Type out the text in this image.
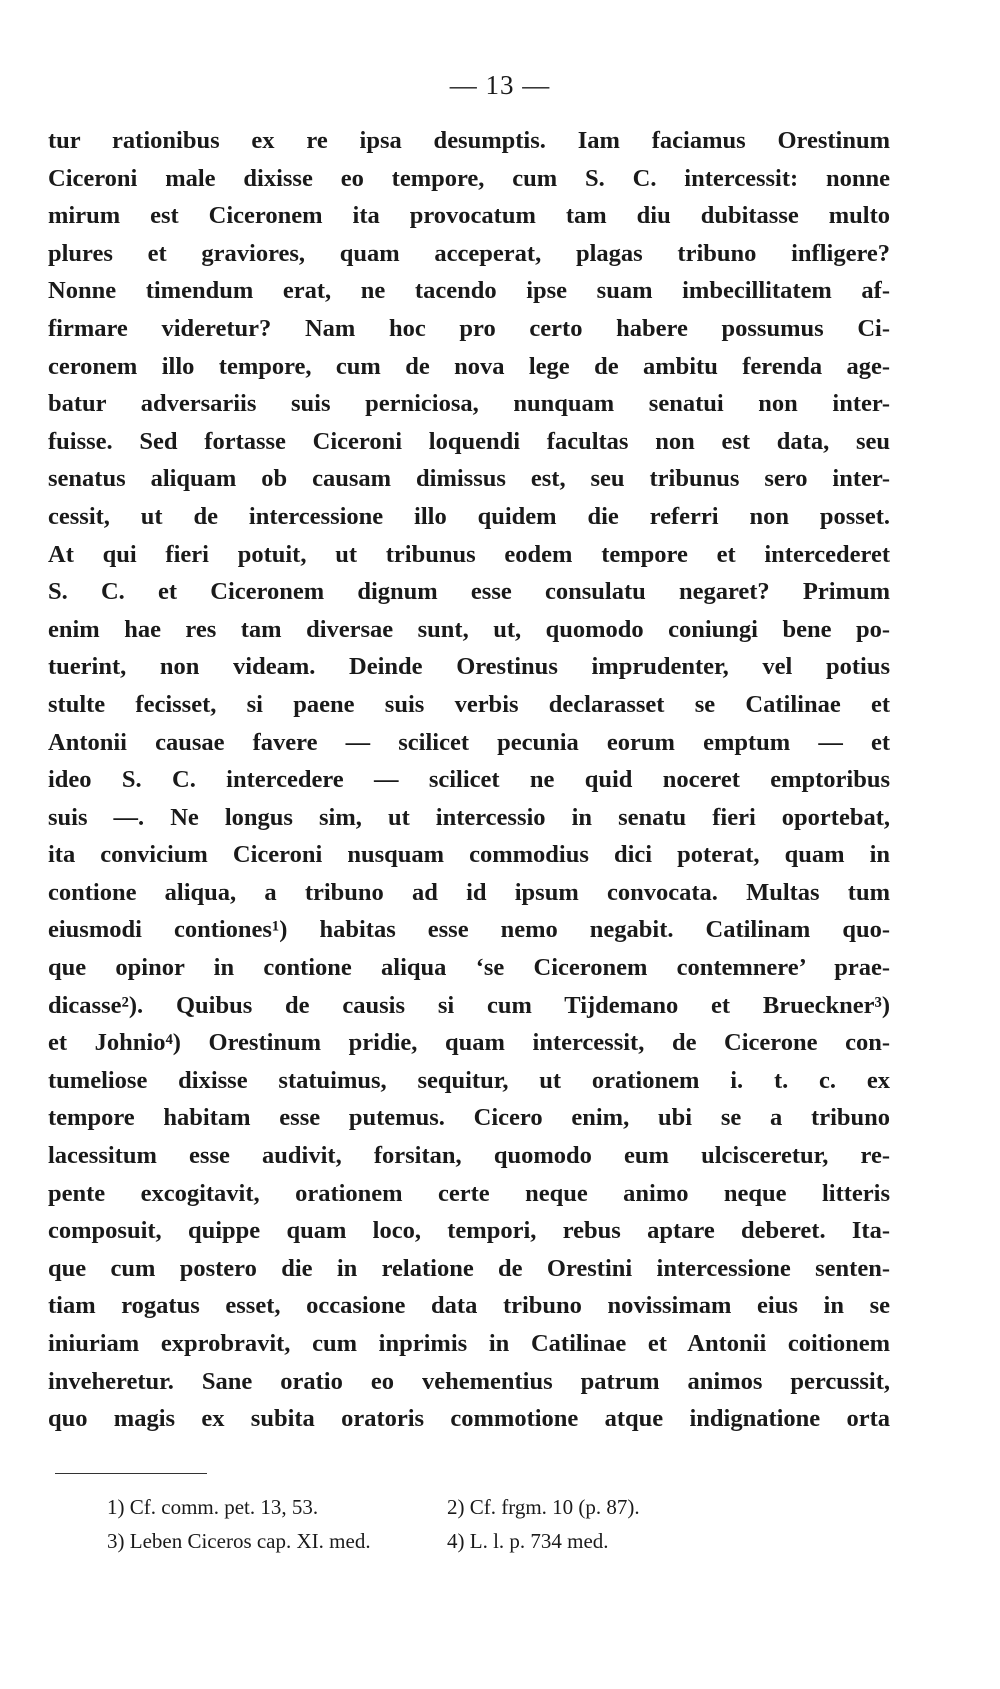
— 13 —
tur rationibus ex re ipsa desumptis. Iam faciamus Orestinum
Ciceroni male dixisse eo tempore, cum S. C. intercessit: nonne
mirum est Ciceronem ita provocatum tam diu dubitasse multo
plures et graviores, quam acceperat, plagas tribuno infligere?
Nonne timendum erat, ne tacendo ipse suam imbecillitatem af-
firmare videretur? Nam hoc pro certo habere possumus Ci-
ceronem illo tempore, cum de nova lege de ambitu ferenda age-
batur adversariis suis perniciosa, nunquam senatui non inter-
fuisse. Sed fortasse Ciceroni loquendi facultas non est data, seu
senatus aliquam ob causam dimissus est, seu tribunus sero inter-
cessit, ut de intercessione illo quidem die referri non posset.
At qui fieri potuit, ut tribunus eodem tempore et intercederet
S. C. et Ciceronem dignum esse consulatu negaret? Primum
enim hae res tam diversae sunt, ut, quomodo coniungi bene po-
tuerint, non videam. Deinde Orestinus imprudenter, vel potius
stulte fecisset, si paene suis verbis declarasset se Catilinae et
Antonii causae favere — scilicet pecunia eorum emptum — et
ideo S. C. intercedere — scilicet ne quid noceret emptoribus
suis —. Ne longus sim, ut intercessio in senatu fieri oportebat,
ita convicium Ciceroni nusquam commodius dici poterat, quam in
contione aliqua, a tribuno ad id ipsum convocata. Multas tum
eiusmodi contiones¹) habitas esse nemo negabit. Catilinam quo-
que opinor in contione aliqua ‘se Ciceronem contemnere’ prae-
dicasse²). Quibus de causis si cum Tijdemano et Brueckner³)
et Johnio⁴) Orestinum pridie, quam intercessit, de Cicerone con-
tumeliose dixisse statuimus, sequitur, ut orationem i. t. c. ex
tempore habitam esse putemus. Cicero enim, ubi se a tribuno
lacessitum esse audivit, forsitan, quomodo eum ulcisceretur, re-
pente excogitavit, orationem certe neque animo neque litteris
composuit, quippe quam loco, tempori, rebus aptare deberet. Ita-
que cum postero die in relatione de Orestini intercessione senten-
tiam rogatus esset, occasione data tribuno novissimam eius in se
iniuriam exprobravit, cum inprimis in Catilinae et Antonii coitionem
inveheretur. Sane oratio eo vehementius patrum animos percussit,
quo magis ex subita oratoris commotione atque indignatione orta
1) Cf. comm. pet. 13, 53.	2) Cf. frgm. 10 (p. 87).
3) Leben Ciceros cap. XI. med.	4) L. l. p. 734 med.
